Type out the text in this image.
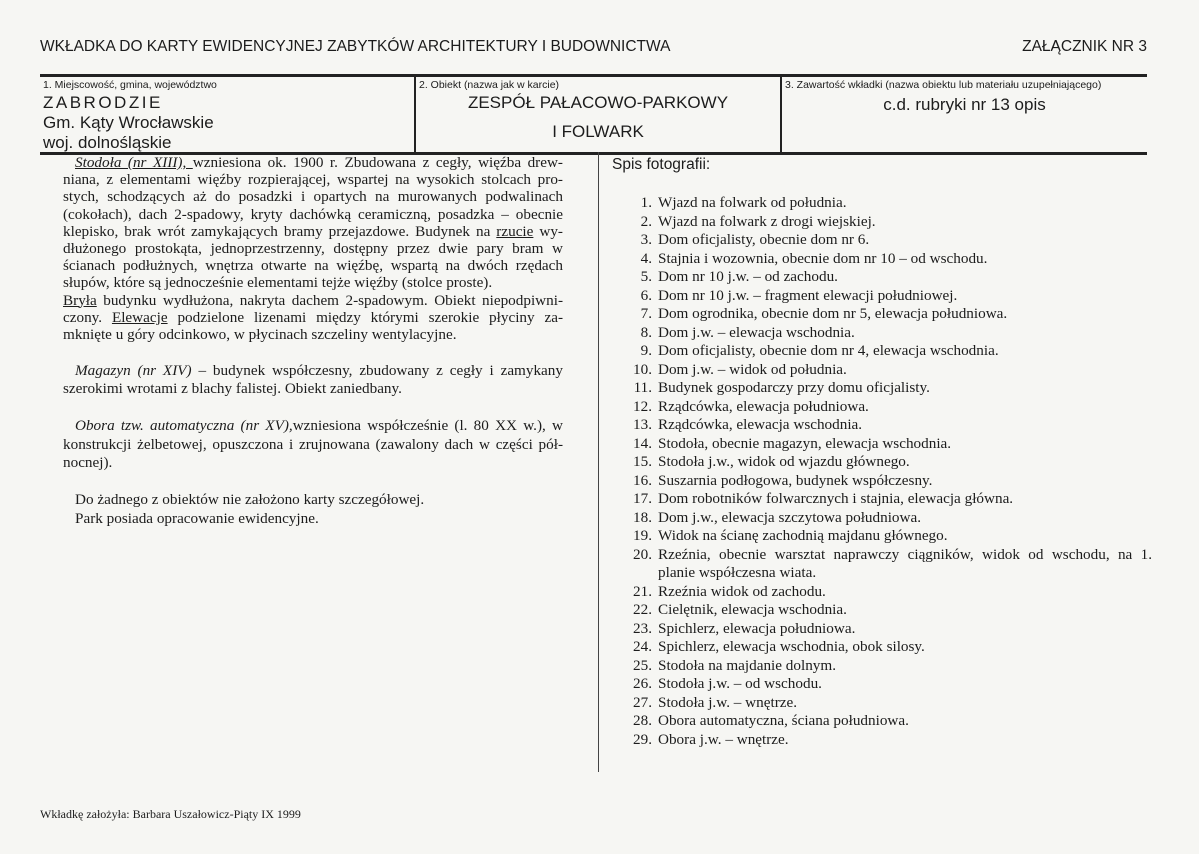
WKŁADKA DO KARTY EWIDENCYJNEJ ZABYTKÓW ARCHITEKTURY I BUDOWNICTWA	ZAŁĄCZNIK NR 3
1. Miejscowość, gmina, województwo
ZABRODZIE
Gm. Kąty Wrocławskie
woj. dolnośląskie
2. Obiekt (nazwa jak w karcie)
ZESPÓŁ PAŁACOWO-PARKOWY
I FOLWARK
3. Zawartość wkładki (nazwa obiektu lub materiału uzupełniającego)
c.d. rubryki nr 13 opis
Stodoła (nr XIII), wzniesiona ok. 1900 r. Zbudowana z cegły, więźba drew-
niana, z elementami więźby rozpierającej, wspartej na wysokich stolcach pro-
stych, schodzących aż do posadzki i opartych na murowanych podwalinach
(cokołach), dach 2-spadowy, kryty dachówką ceramiczną, posadzka – obecnie
klepisko, brak wrót zamykających bramy przejazdowe. Budynek na rzucie wy-
dłużonego prostokąta, jednoprzestrzenny, dostępny przez dwie pary bram w
ścianach podłużnych, wnętrza otwarte na więźbę, wspartą na dwóch rzędach
słupów, które są jednocześnie elementami tejże więźby (stolce proste).
Bryła budynku wydłużona, nakryta dachem 2-spadowym. Obiekt niepodpiwni-
czony. Elewacje podzielone lizenami między którymi szerokie płyciny za-
mknięte u góry odcinkowo, w płycinach szczeliny wentylacyjne.
Magazyn (nr XIV) – budynek współczesny, zbudowany z cegły i zamykany
szerokimi wrotami z blachy falistej. Obiekt zaniedbany.
Obora tzw. automatyczna (nr XV),wzniesiona współcześnie (l. 80 XX w.), w
konstrukcji żelbetowej, opuszczona i zrujnowana (zawalony dach w części pół-
nocnej).
Do żadnego z obiektów nie założono karty szczegółowej.
Park posiada opracowanie ewidencyjne.
Spis fotografii:
1. Wjazd na folwark od południa.
2. Wjazd na folwark z drogi wiejskiej.
3. Dom oficjalisty, obecnie dom nr 6.
4. Stajnia i wozownia, obecnie dom nr 10 – od wschodu.
5. Dom nr 10 j.w. – od zachodu.
6. Dom nr 10 j.w. – fragment elewacji południowej.
7. Dom ogrodnika, obecnie dom nr 5, elewacja południowa.
8. Dom j.w. – elewacja wschodnia.
9. Dom oficjalisty, obecnie dom nr 4, elewacja wschodnia.
10. Dom j.w. – widok od południa.
11. Budynek gospodarczy przy domu oficjalisty.
12. Rządcówka, elewacja południowa.
13. Rządcówka, elewacja wschodnia.
14. Stodoła, obecnie magazyn, elewacja wschodnia.
15. Stodoła j.w., widok od wjazdu głównego.
16. Suszarnia podłogowa, budynek współczesny.
17. Dom robotników folwarcznych i stajnia, elewacja główna.
18. Dom j.w., elewacja szczytowa południowa.
19. Widok na ścianę zachodnią majdanu głównego.
20. Rzeźnia, obecnie warsztat naprawczy ciągników, widok od wschodu, na 1. planie współczesna wiata.
21. Rzeźnia widok od zachodu.
22. Cielętnik, elewacja wschodnia.
23. Spichlerz, elewacja południowa.
24. Spichlerz, elewacja wschodnia, obok silosy.
25. Stodoła na majdanie dolnym.
26. Stodoła j.w. – od wschodu.
27. Stodoła j.w. – wnętrze.
28. Obora automatyczna, ściana południowa.
29. Obora j.w. – wnętrze.
Wkładkę założyła: Barbara Uszałowicz-Piąty IX 1999
